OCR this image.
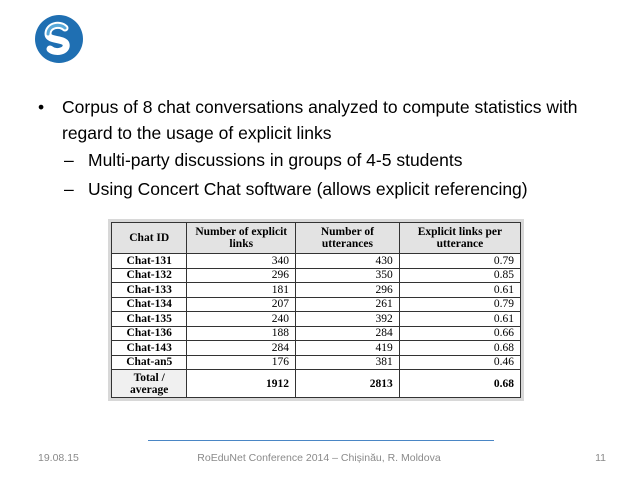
• Corpus of 8 chat conversations analyzed to compute statistics with regard to the usage of explicit links
– Multi-party discussions in groups of 4-5 students
– Using Concert Chat software (allows explicit referencing)
Chat ID	Number of explicit links	Number of utterances	Explicit links per utterance
Chat-131	340	430	0.79
Chat-132	296	350	0.85
Chat-133	181	296	0.61
Chat-134	207	261	0.79
Chat-135	240	392	0.61
Chat-136	188	284	0.66
Chat-143	284	419	0.68
Chat-an5	176	381	0.46
Total / average	1912	2813	0.68
RoEduNet Conference 2014 – Chișinău, R. Moldova
19.08.15	11
